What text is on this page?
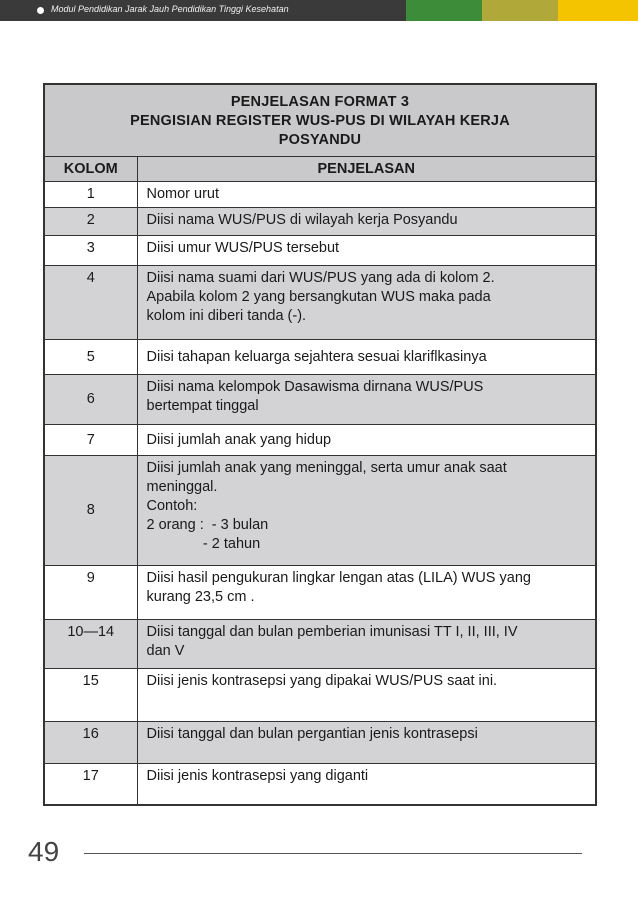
Modul Pendidikan Jarak Jauh Pendidikan Tinggi Kesehatan
PENJELASAN FORMAT 3
PENGISIAN REGISTER WUS-PUS DI WILAYAH KERJA
POSYANDU	

KOLOM	PENJELASAN
1	Nomor urut

2	Diisi nama WUS/PUS di wilayah kerja Posyandu

3	Diisi umur WUS/PUS tersebut

4	Diisi nama suami dari WUS/PUS yang ada di kolom 2.
Apabila kolom 2 yang bersangkutan WUS maka pada
kolom ini diberi tanda (-).

5	Diisi tahapan keluarga sejahtera sesuai klariflkasinya

6	Diisi nama kelompok Dasawisma dirnana WUS/PUS
bertempat tinggal

7	Diisi jumlah anak yang hidup

8	Diisi jumlah anak yang meninggal, serta umur anak saat
meninggal.
Contoh:
2 orang :  - 3 bulan
- 2 tahun

9	Diisi hasil pengukuran lingkar lengan atas (LILA) WUS yang
kurang 23,5 cm .

10—14	Diisi tanggal dan bulan pemberian imunisasi TT I, II, III, IV
dan V

15	Diisi jenis kontrasepsi yang dipakai WUS/PUS saat ini.

16	Diisi tanggal dan bulan pergantian jenis kontrasepsi

17	Diisi jenis kontrasepsi yang diganti
49
